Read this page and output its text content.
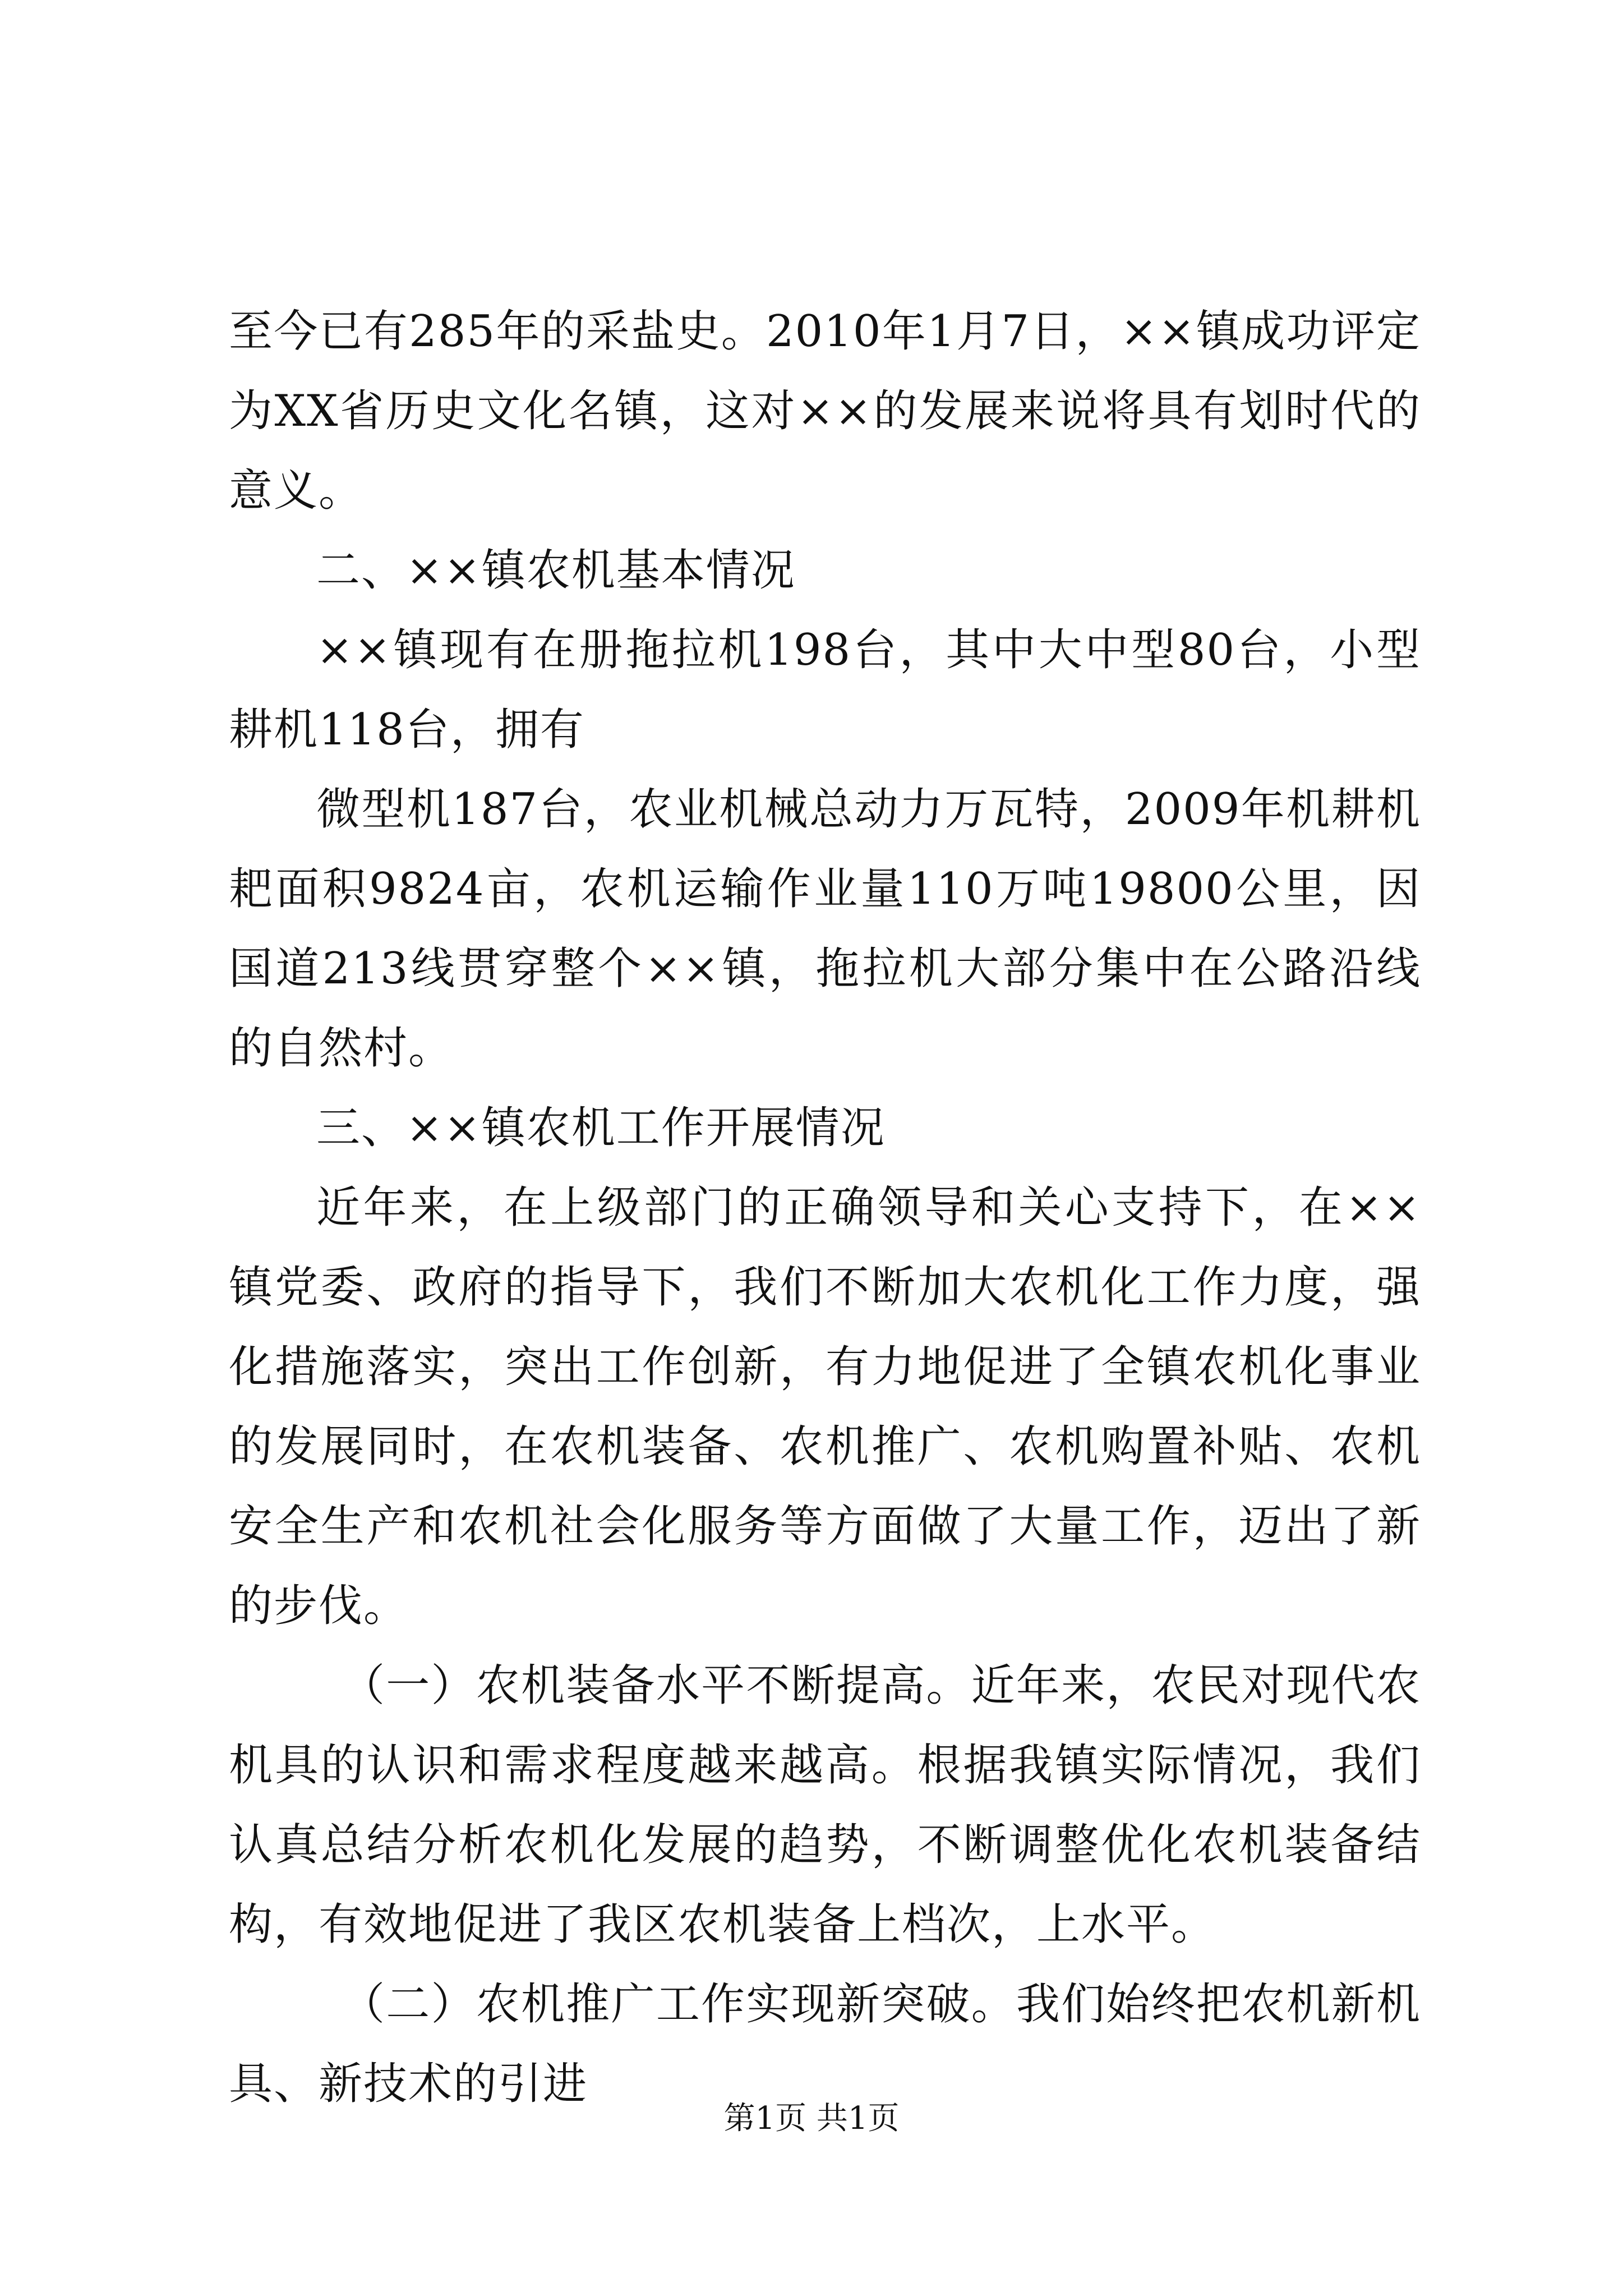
至今已有285年的采盐史。2010年1月7日，××镇成功评定为XX省历史文化名镇，这对××的发展来说将具有划时代的意义。

二、××镇农机基本情况

××镇现有在册拖拉机198台，其中大中型80台，小型耕机118台，拥有

微型机187台，农业机械总动力万瓦特，2009年机耕机耙面积9824亩，农机运输作业量110万吨19800公里，因国道213线贯穿整个××镇，拖拉机大部分集中在公路沿线的自然村。

三、××镇农机工作开展情况

近年来，在上级部门的正确领导和关心支持下，在××镇党委、政府的指导下，我们不断加大农机化工作力度，强化措施落实，突出工作创新，有力地促进了全镇农机化事业的发展同时，在农机装备、农机推广、农机购置补贴、农机安全生产和农机社会化服务等方面做了大量工作，迈出了新的步伐。

（一）农机装备水平不断提高。近年来，农民对现代农机具的认识和需求程度越来越高。根据我镇实际情况，我们认真总结分析农机化发展的趋势，不断调整优化农机装备结构，有效地促进了我区农机装备上档次，上水平。

（二）农机推广工作实现新突破。我们始终把农机新机具、新技术的引进

第1页 共1页
